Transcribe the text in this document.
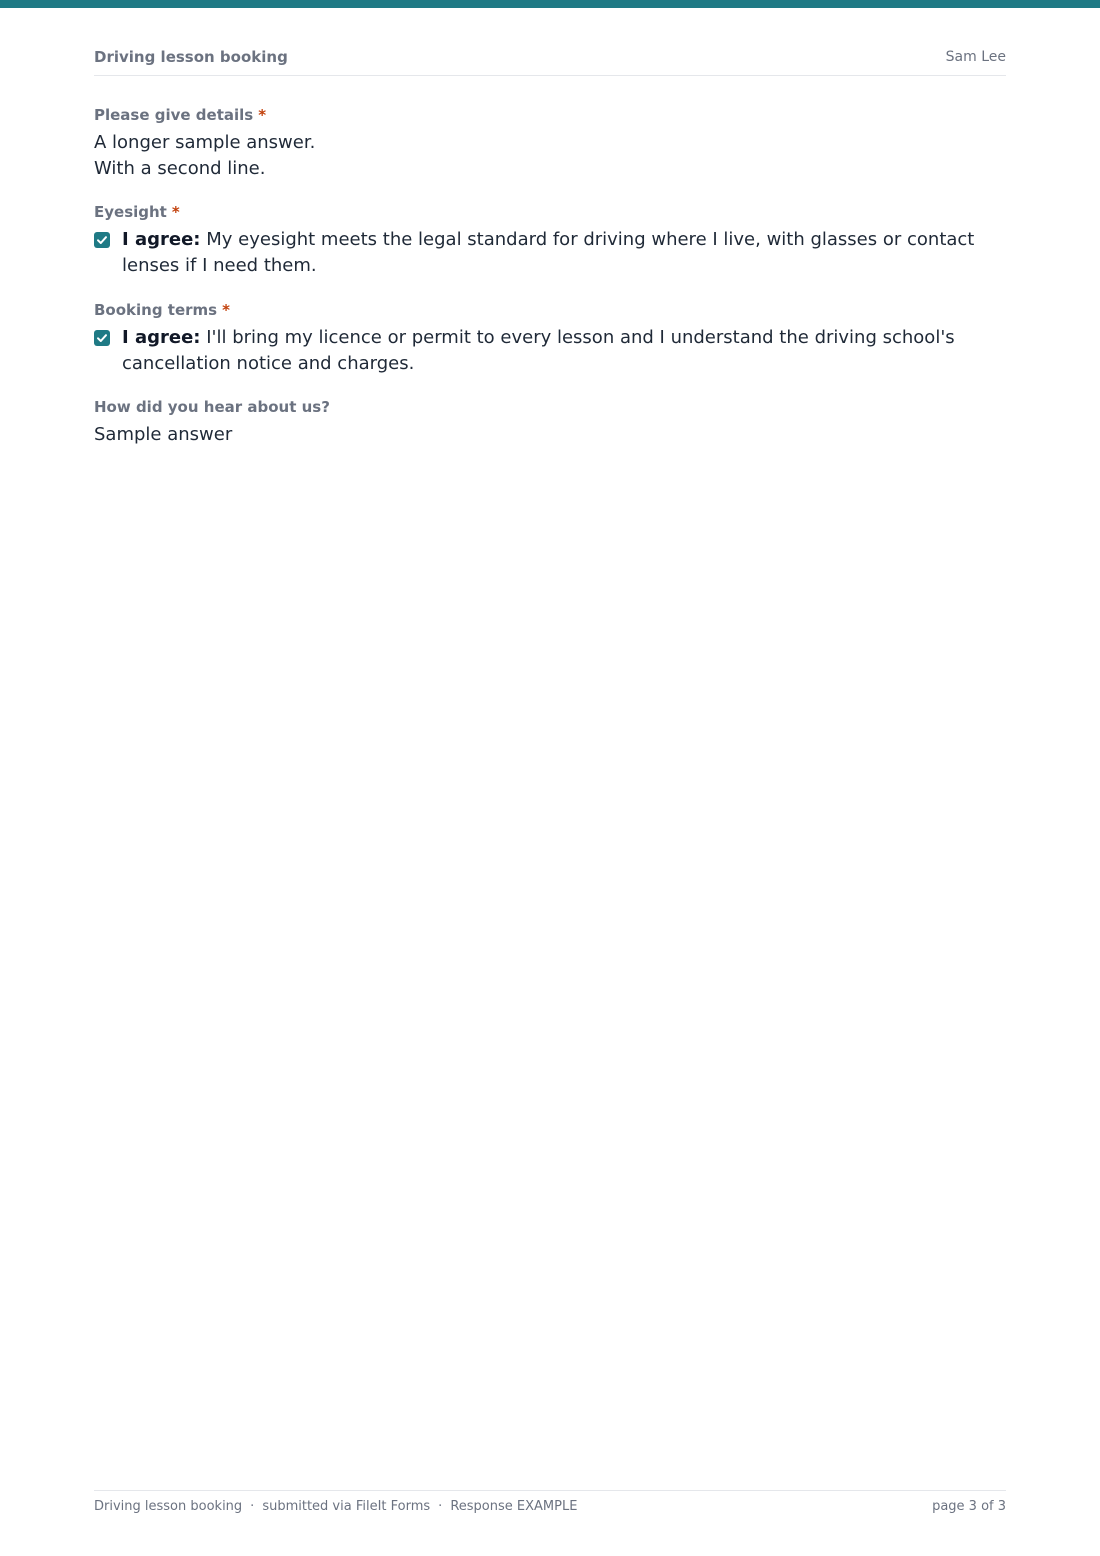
Driving lesson booking	Sam Lee
Please give details *
A longer sample answer.
With a second line.
Eyesight *
I agree: My eyesight meets the legal standard for driving where I live, with glasses or contact lenses if I need them.
Booking terms *
I agree: I'll bring my licence or permit to every lesson and I understand the driving school's cancellation notice and charges.
How did you hear about us?
Sample answer
Driving lesson booking · submitted via FileIt Forms · Response EXAMPLE	page 3 of 3
